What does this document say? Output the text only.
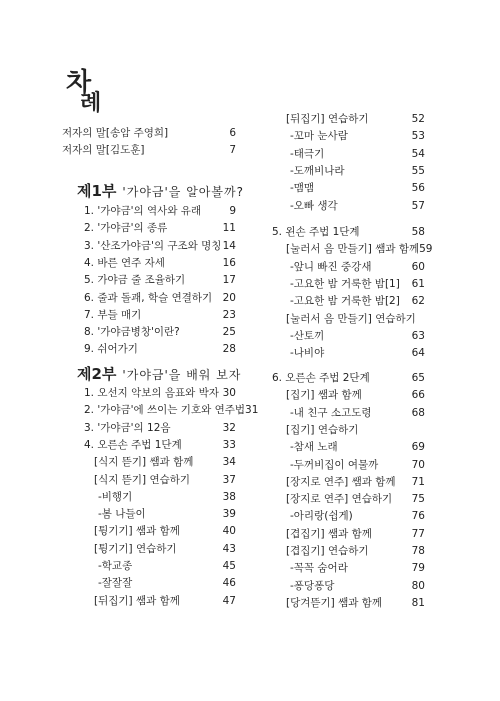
차
례
저자의 말[송암 주영희]	6
저자의 말[김도훈]	7
제1부 '가야금'을 알아볼까?
1. '가야금'의 역사와 유래	9
2. '가야금'의 종류	11
3. '산조가야금'의 구조와 명칭 14
4. 바른 연주 자세	16
5. 가야금 줄 조율하기	17
6. 줄과 돌괘, 학슬 연결하기 20
7. 부들 매기	23
8. '가야금병창'이란?	25
9. 쉬어가기	28
제2부 '가야금'을 배워 보자
1. 오선지 악보의 음표와 박자 30
2. '가야금'에 쓰이는 기호와 연주법 31
3. '가야금'의 12음	32
4. 오른손 주법 1단계	33
[식지 뜯기] 쌤과 함께	34
[식지 뜯기] 연습하기	37
-비행기	38
-봄 나들이	39
[튕기기] 쌤과 함께	40
[튕기기] 연습하기	43
-학교종	45
-잘잘잘	46
[뒤집기] 쌤과 함께	47
[뒤집기] 연습하기	52
-꼬마 눈사람	53
-태극기	54
-도깨비나라	55
-맴맴	56
-오빠 생각	57
5. 왼손 주법 1단계	58
[눌러서 음 만들기] 쌤과 함께 59
-앞니 빠진 중강새	60
-고요한 밤 거룩한 밤[1] 61
-고요한 밤 거룩한 밤[2] 62
[눌러서 음 만들기] 연습하기
-산토끼	63
-나비야	64
6. 오른손 주법 2단계	65
[집기] 쌤과 함께	66
-내 친구 소고도령	68
[집기] 연습하기
-참새 노래	69
-두꺼비집이 여물까	70
[장지로 연주] 쌤과 함께 71
[장지로 연주] 연습하기 75
-아리랑(쉽게)	76
[겹집기] 쌤과 함께	77
[겹집기] 연습하기	78
-꼭꼭 숨어라	79
-퐁당퐁당	80
[당겨뜯기] 쌤과 함께	81
